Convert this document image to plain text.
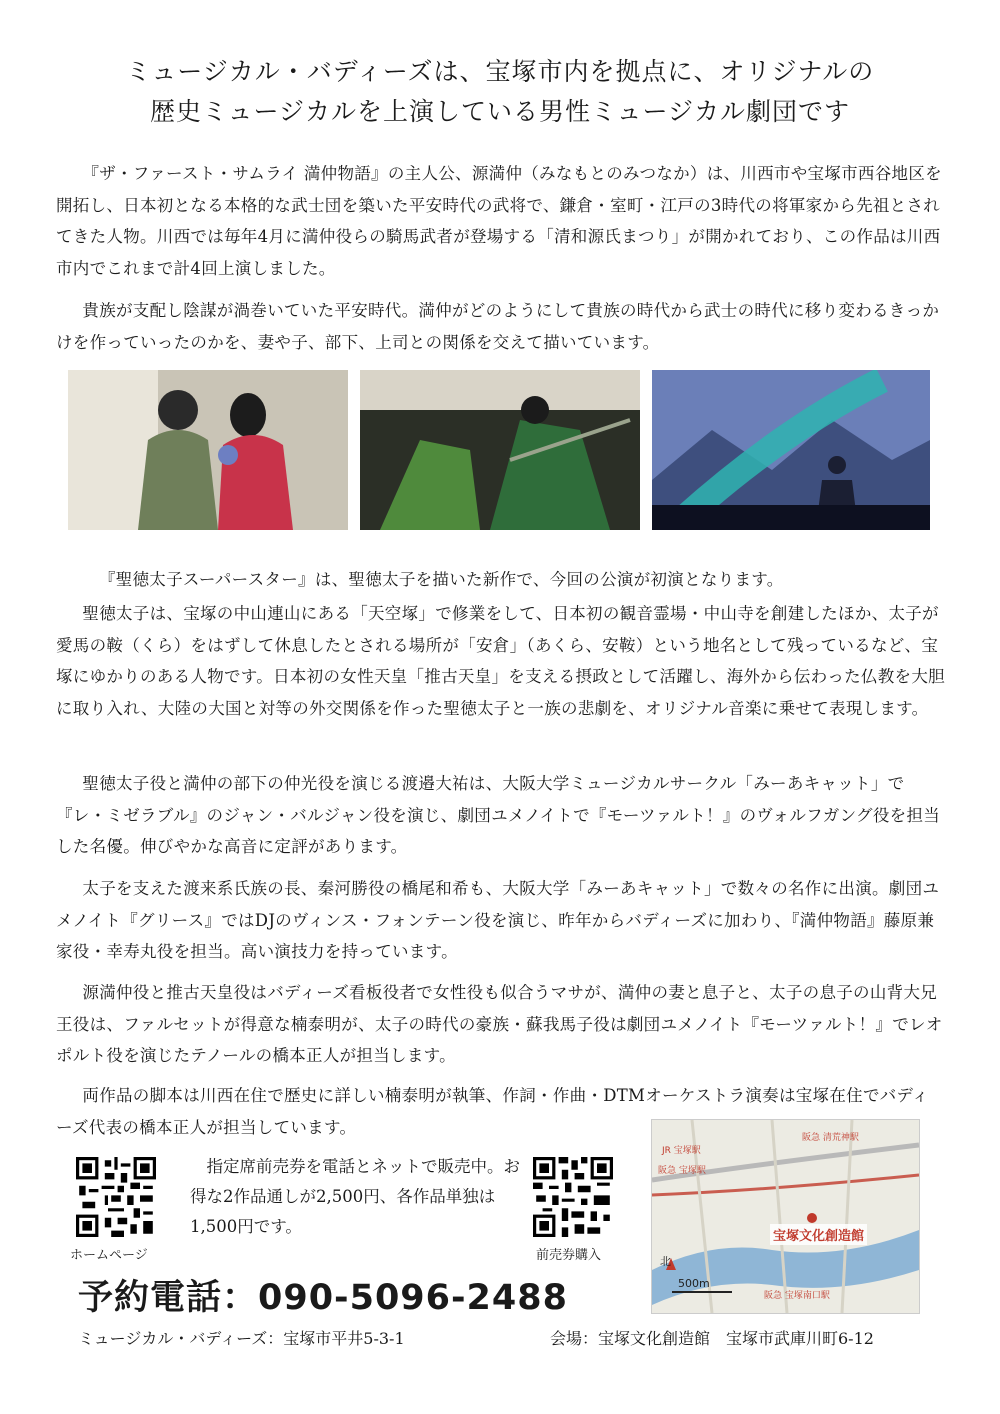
ミュージカル・バディーズは、宝塚市内を拠点に、オリジナルの
歴史ミュージカルを上演している男性ミュージカル劇団です

『ザ・ファースト・サムライ 満仲物語』の主人公、源満仲（みなもとのみつなか）は、川西市や宝塚市西谷地区を開拓し、日本初となる本格的な武士団を築いた平安時代の武将で、鎌倉・室町・江戸の3時代の将軍家から先祖とされてきた人物。川西では毎年4月に満仲役らの騎馬武者が登場する「清和源氏まつり」が開かれており、この作品は川西市内でこれまで計4回上演しました。

貴族が支配し陰謀が渦巻いていた平安時代。満仲がどのようにして貴族の時代から武士の時代に移り変わるきっかけを作っていったのかを、妻や子、部下、上司との関係を交えて描いています。

『聖徳太子スーパースター』は、聖徳太子を描いた新作で、今回の公演が初演となります。

聖徳太子は、宝塚の中山連山にある「天空塚」で修業をして、日本初の観音霊場・中山寺を創建したほか、太子が愛馬の鞍（くら）をはずして休息したとされる場所が「安倉」（あくら、安鞍）という地名として残っているなど、宝塚にゆかりのある人物です。日本初の女性天皇「推古天皇」を支える摂政として活躍し、海外から伝わった仏教を大胆に取り入れ、大陸の大国と対等の外交関係を作った聖徳太子と一族の悲劇を、オリジナル音楽に乗せて表現します。

聖徳太子役と満仲の部下の仲光役を演じる渡邉大祐は、大阪大学ミュージカルサークル「みーあキャット」で『レ・ミゼラブル』のジャン・バルジャン役を演じ、劇団ユメノイトで『モーツァルト！』のヴォルフガング役を担当した名優。伸びやかな高音に定評があります。

太子を支えた渡来系氏族の長、秦河勝役の橋尾和希も、大阪大学「みーあキャット」で数々の名作に出演。劇団ユメノイト『グリース』ではDJのヴィンス・フォンテーン役を演じ、昨年からバディーズに加わり、『満仲物語』藤原兼家役・幸寿丸役を担当。高い演技力を持っています。

源満仲役と推古天皇役はバディーズ看板役者で女性役も似合うマサが、満仲の妻と息子と、太子の息子の山背大兄王役は、ファルセットが得意な楠泰明が、太子の時代の豪族・蘇我馬子役は劇団ユメノイト『モーツァルト！』でレオポルト役を演じたテノールの橋本正人が担当します。

両作品の脚本は川西在住で歴史に詳しい楠泰明が執筆、作詞・作曲・DTMオーケストラ演奏は宝塚在住でバディーズ代表の橋本正人が担当しています。

ホームページ
指定席前売券を電話とネットで販売中。お得な2作品通しが2,500円、各作品単独は1,500円です。
前売券購入
阪急 清荒神駅
JR 宝塚駅
阪急 宝塚駅
宝塚文化創造館
北
500m
阪急 宝塚南口駅
予約電話：090-5096-2488
ミュージカル・バディーズ：宝塚市平井5-3-1	会場：宝塚文化創造館　宝塚市武庫川町6-12
